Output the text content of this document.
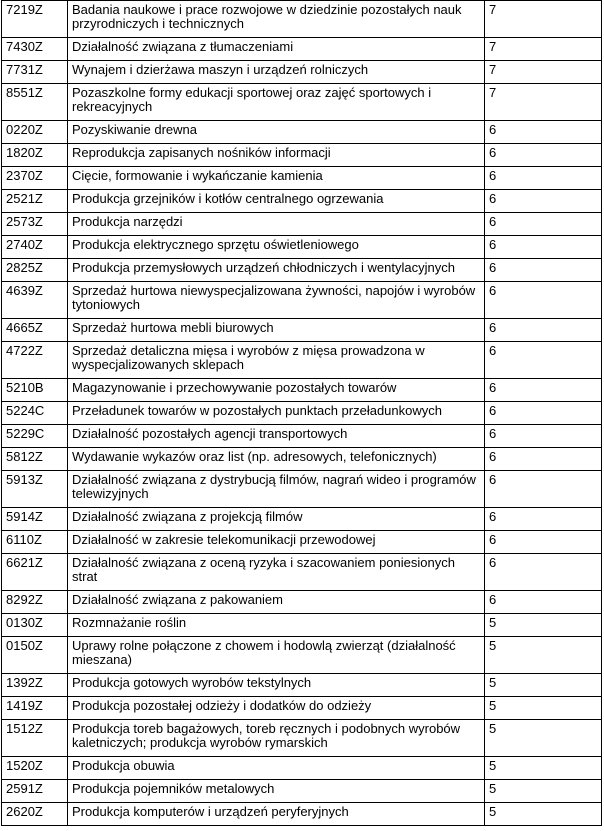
7219Z	Badania naukowe i prace rozwojowe w dziedzinie pozostałych nauk przyrodniczych i technicznych	7
7430Z	Działalność związana z tłumaczeniami	7
7731Z	Wynajem i dzierżawa maszyn i urządzeń rolniczych	7
8551Z	Pozaszkolne formy edukacji sportowej oraz zajęć sportowych i rekreacyjnych	7
0220Z	Pozyskiwanie drewna	6
1820Z	Reprodukcja zapisanych nośników informacji	6
2370Z	Cięcie, formowanie i wykańczanie kamienia	6
2521Z	Produkcja grzejników i kotłów centralnego ogrzewania	6
2573Z	Produkcja narzędzi	6
2740Z	Produkcja elektrycznego sprzętu oświetleniowego	6
2825Z	Produkcja przemysłowych urządzeń chłodniczych i wentylacyjnych	6
4639Z	Sprzedaż hurtowa niewyspecjalizowana żywności, napojów i wyrobów tytoniowych	6
4665Z	Sprzedaż hurtowa mebli biurowych	6
4722Z	Sprzedaż detaliczna mięsa i wyrobów z mięsa prowadzona w wyspecjalizowanych sklepach	6
5210B	Magazynowanie i przechowywanie pozostałych towarów	6
5224C	Przeładunek towarów w pozostałych punktach przeładunkowych	6
5229C	Działalność pozostałych agencji transportowych	6
5812Z	Wydawanie wykazów oraz list (np. adresowych, telefonicznych)	6
5913Z	Działalność związana z dystrybucją filmów, nagrań wideo i programów telewizyjnych	6
5914Z	Działalność związana z projekcją filmów	6
6110Z	Działalność w zakresie telekomunikacji przewodowej	6
6621Z	Działalność związana z oceną ryzyka i szacowaniem poniesionych strat	6
8292Z	Działalność związana z pakowaniem	6
0130Z	Rozmnażanie roślin	5
0150Z	Uprawy rolne połączone z chowem i hodowlą zwierząt (działalność mieszana)	5
1392Z	Produkcja gotowych wyrobów tekstylnych	5
1419Z	Produkcja pozostałej odzieży i dodatków do odzieży	5
1512Z	Produkcja toreb bagażowych, toreb ręcznych i podobnych wyrobów kaletniczych; produkcja wyrobów rymarskich	5
1520Z	Produkcja obuwia	5
2591Z	Produkcja pojemników metalowych	5
2620Z	Produkcja komputerów i urządzeń peryferyjnych	5
